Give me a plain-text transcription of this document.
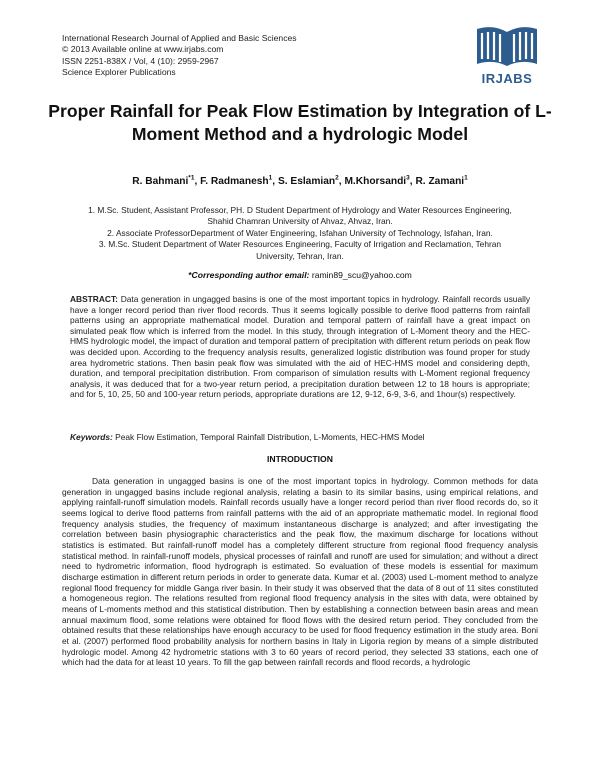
International Research Journal of Applied and Basic Sciences
© 2013 Available online at www.irjabs.com
ISSN 2251-838X / Vol, 4 (10): 2959-2967
Science Explorer Publications	IRJABS
Proper Rainfall for Peak Flow Estimation by Integration of L-Moment Method and a hydrologic Model
R. Bahmani$^{*1}$, F. Radmanesh$^1$, S. Eslamian$^2$, M.Khorsandi$^3$, R. Zamani$^1$
1. M.Sc. Student, Assistant Professor, PH. D Student Department of Hydrology and Water Resources Engineering, Shahid Chamran University of Ahvaz, Ahvaz, Iran.
2. Associate ProfessorDepartment of Water Engineering, Isfahan University of Technology, Isfahan, Iran.
3. M.Sc. Student Department of Water Resources Engineering, Faculty of Irrigation and Reclamation, Tehran University, Tehran, Iran.
*Corresponding author email: ramin89_scu@yahoo.com
ABSTRACT: Data generation in ungagged basins is one of the most important topics in hydrology. Rainfall records usually have a longer record period than river flood records. Thus it seems logically possible to derive flood patterns from rainfall patterns using an appropriate mathematical model. Duration and temporal pattern of rainfall have a great impact on simulated peak flow which is inferred from the model. In this study, through integration of L-Moment theory and the HEC-HMS hydrologic model, the impact of duration and temporal pattern of precipitation with different return periods on peak flow was decided upon. According to the frequency analysis results, generalized logistic distribution was found proper for study area hydrometric stations. Then basin peak flow was simulated with the aid of HEC-HMS model and considering depth, duration, and temporal precipitation distribution. From comparison of simulation results with L-Moment regional frequency analysis, it was deduced that for a two-year return period, a precipitation duration between 12 to 18 hours is appropriate; and for 5, 10, 25, 50 and 100-year return periods, appropriate durations are 12, 9-12, 6-9, 3-6, and 1hour(s) respectively.
Keywords: Peak Flow Estimation, Temporal Rainfall Distribution, L-Moments, HEC-HMS Model
INTRODUCTION
Data generation in ungagged basins is one of the most important topics in hydrology. Common methods for data generation in ungagged basins include regional analysis, relating a basin to its similar basins, using empirical relations, and applying rainfall-runoff simulation models. Rainfall records usually have a longer record period than river flood records do, so it seems logical to derive flood patterns from rainfall patterns with the aid of an appropriate mathematic model. In regional flood frequency analysis studies, the frequency of maximum instantaneous discharge is analyzed; and after investigating the correlation between basin physiographic characteristics and the peak flow, the maximum discharge for locations without statistics is estimated. But rainfall-runoff model has a completely different structure from regional flood frequency analysis statistical method. In rainfall-runoff models, physical processes of rainfall and runoff are used for simulation; and without a direct need to hydrometric information, flood hydrograph is estimated. So evaluation of these models is essential for maximum discharge estimation in different return periods in order to generate data. Kumar et al. (2003) used L-moment method to analyze regional flood frequency for middle Ganga river basin. In their study it was observed that the data of 8 out of 11 sites constituted a homogeneous region. The relations resulted from regional flood frequency analysis in the sites with data, were obtained by means of L-moments method and this statistical distribution. Then by establishing a connection between basin areas and mean annual maximum flood, some relations were obtained for flood flows with the desired return period. They concluded from the obtained results that these relationships have enough accuracy to be used for flood frequency estimation in the study area. Boni et al. (2007) performed flood probability analysis for northern basins in Italy in Ligoria region by means of a simple distributed hydrologic model. Among 42 hydrometric stations with 3 to 60 years of record period, they selected 33 stations, each one of which had the data for at least 10 years. To fill the gap between rainfall records and flood records, a hydrologic
